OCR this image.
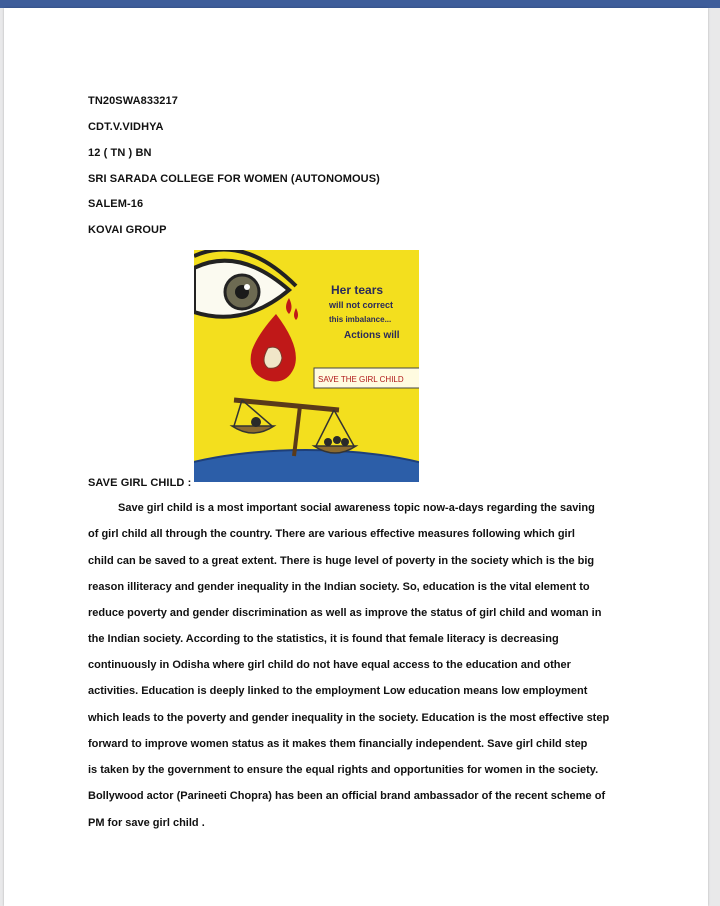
TN20SWA833217
CDT.V.VIDHYA
12 ( TN ) BN
SRI SARADA COLLEGE FOR WOMEN (AUTONOMOUS)
SALEM-16
KOVAI GROUP
Her tears
will not correct
this imbalance...
Actions will
SAVE THE GIRL CHILD
SAVE GIRL CHILD :
Save girl child is a most important social awareness topic now-a-days regarding the saving
of girl child all through the country. There are various effective measures following which girl
child can be saved to a great extent. There is huge level of poverty in the society which is the big
reason illiteracy and gender inequality in the Indian society. So, education is the vital element to
reduce poverty and gender discrimination as well as improve the status of girl child and woman in
the Indian society. According to the statistics, it is found that female literacy is decreasing
continuously in Odisha where girl child do not have equal access to the education and other
activities. Education is deeply linked to the employment Low education means low employment
which leads to the poverty and gender inequality in the society. Education is the most effective step
forward to improve women status as it makes them financially independent. Save girl child step
is taken by the government to ensure the equal rights and opportunities for women in the society.
Bollywood actor (Parineeti Chopra) has been an official brand ambassador of the recent scheme of
PM for save girl child .
